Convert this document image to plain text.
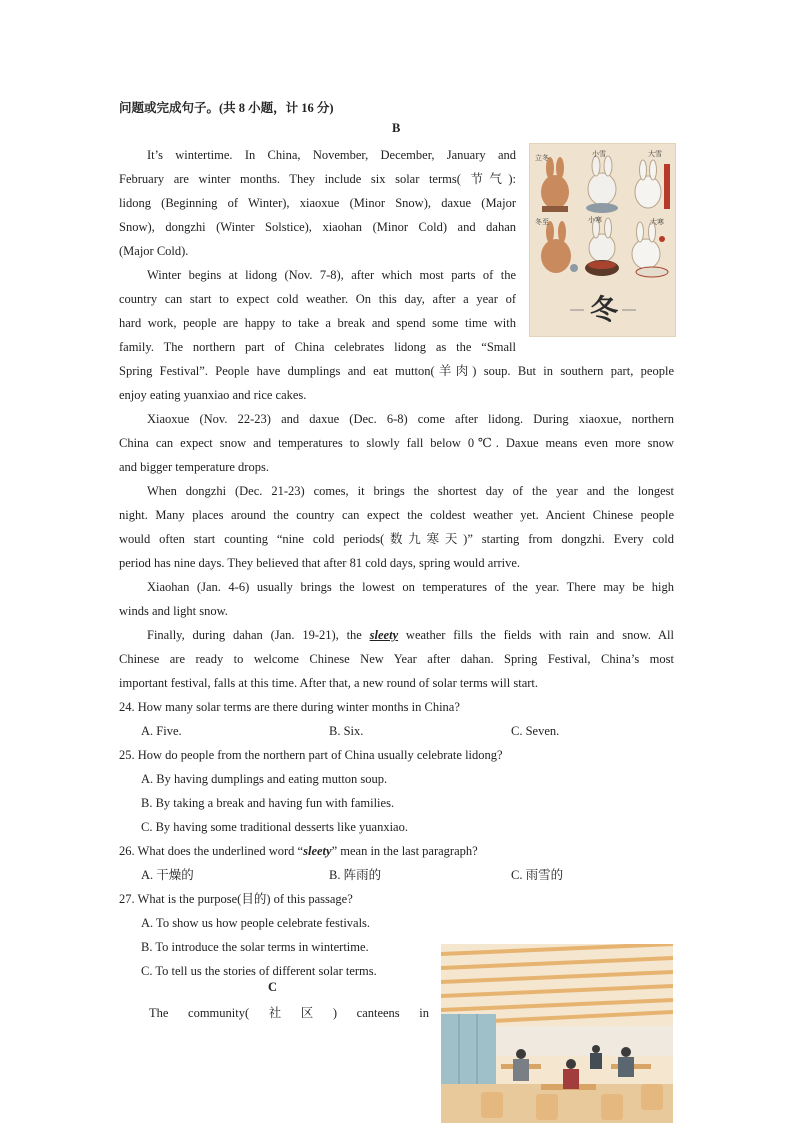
问题或完成句子。(共 8 小题，计 16 分)
B
It’s wintertime. In China, November, December, January and
February are winter months. They include six solar terms( 节气):
lidong (Beginning of Winter), xiaoxue (Minor Snow), daxue (Major
Snow), dongzhi (Winter Solstice), xiaohan (Minor Cold) and dahan
(Major Cold).
Winter begins at lidong (Nov. 7-8), after which most parts of the
country can start to expect cold weather. On this day, after a year of
hard work, people are happy to take a break and spend some time with
family. The northern part of China celebrates lidong as the “Small
Spring Festival”. People have dumplings and eat mutton(羊肉) soup. But in southern part, people
enjoy eating yuanxiao and rice cakes.
Xiaoxue (Nov. 22-23) and daxue (Dec. 6-8) come after lidong. During xiaoxue, northern
China can expect snow and temperatures to slowly fall below 0℃. Daxue means even more snow
and bigger temperature drops.
When dongzhi (Dec. 21-23) comes, it brings the shortest day of the year and the longest
night. Many places around the country can expect the coldest weather yet. Ancient Chinese people
would often start counting “nine cold periods(数九寒天)” starting from dongzhi. Every cold
period has nine days. They believed that after 81 cold days, spring would arrive.
Xiaohan (Jan. 4-6) usually brings the lowest on temperatures of the year. There may be high
winds and light snow.
Finally, during dahan (Jan. 19-21), the sleety weather fills the fields with rain and snow. All
Chinese are ready to welcome Chinese New Year after dahan. Spring Festival, China’s most
important festival, falls at this time. After that, a new round of solar terms will start.
24. How many solar terms are there during winter months in China?
A. Five.	B. Six.	C. Seven.
25. How do people from the northern part of China usually celebrate lidong?
A. By having dumplings and eating mutton soup.
B. By taking a break and having fun with families.
C. By having some traditional desserts like yuanxiao.
26. What does the underlined word “sleety” mean in the last paragraph?
A. 干燥的	B. 阵雨的	C. 雨雪的
27. What is the purpose(目的) of this passage?
A. To show us how people celebrate festivals.
B. To introduce the solar terms in wintertime.
C. To tell us the stories of different solar terms.
C
The community( 社 区 ) canteens in
立冬	小雪	大雪
冬至	小寒	大寒
冬
